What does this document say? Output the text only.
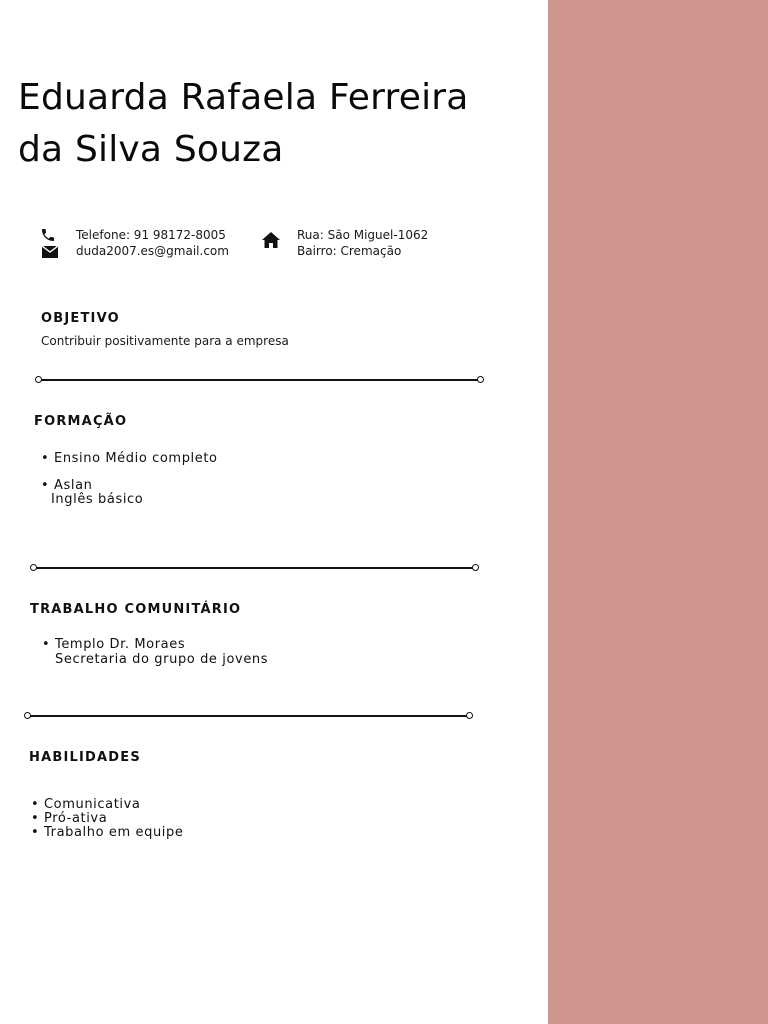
Eduarda Rafaela Ferreira
da Silva Souza
Telefone: 91 98172-8005
duda2007.es@gmail.com
Rua: São Miguel-1062
Bairro: Cremação
OBJETIVO
Contribuir positivamente para a empresa
FORMAÇÃO
• Ensino Médio completo
• Aslan
Inglês básico
TRABALHO COMUNITÁRIO
• Templo Dr. Moraes
Secretaria do grupo de jovens
HABILIDADES
• Comunicativa
• Pró-ativa
• Trabalho em equipe
